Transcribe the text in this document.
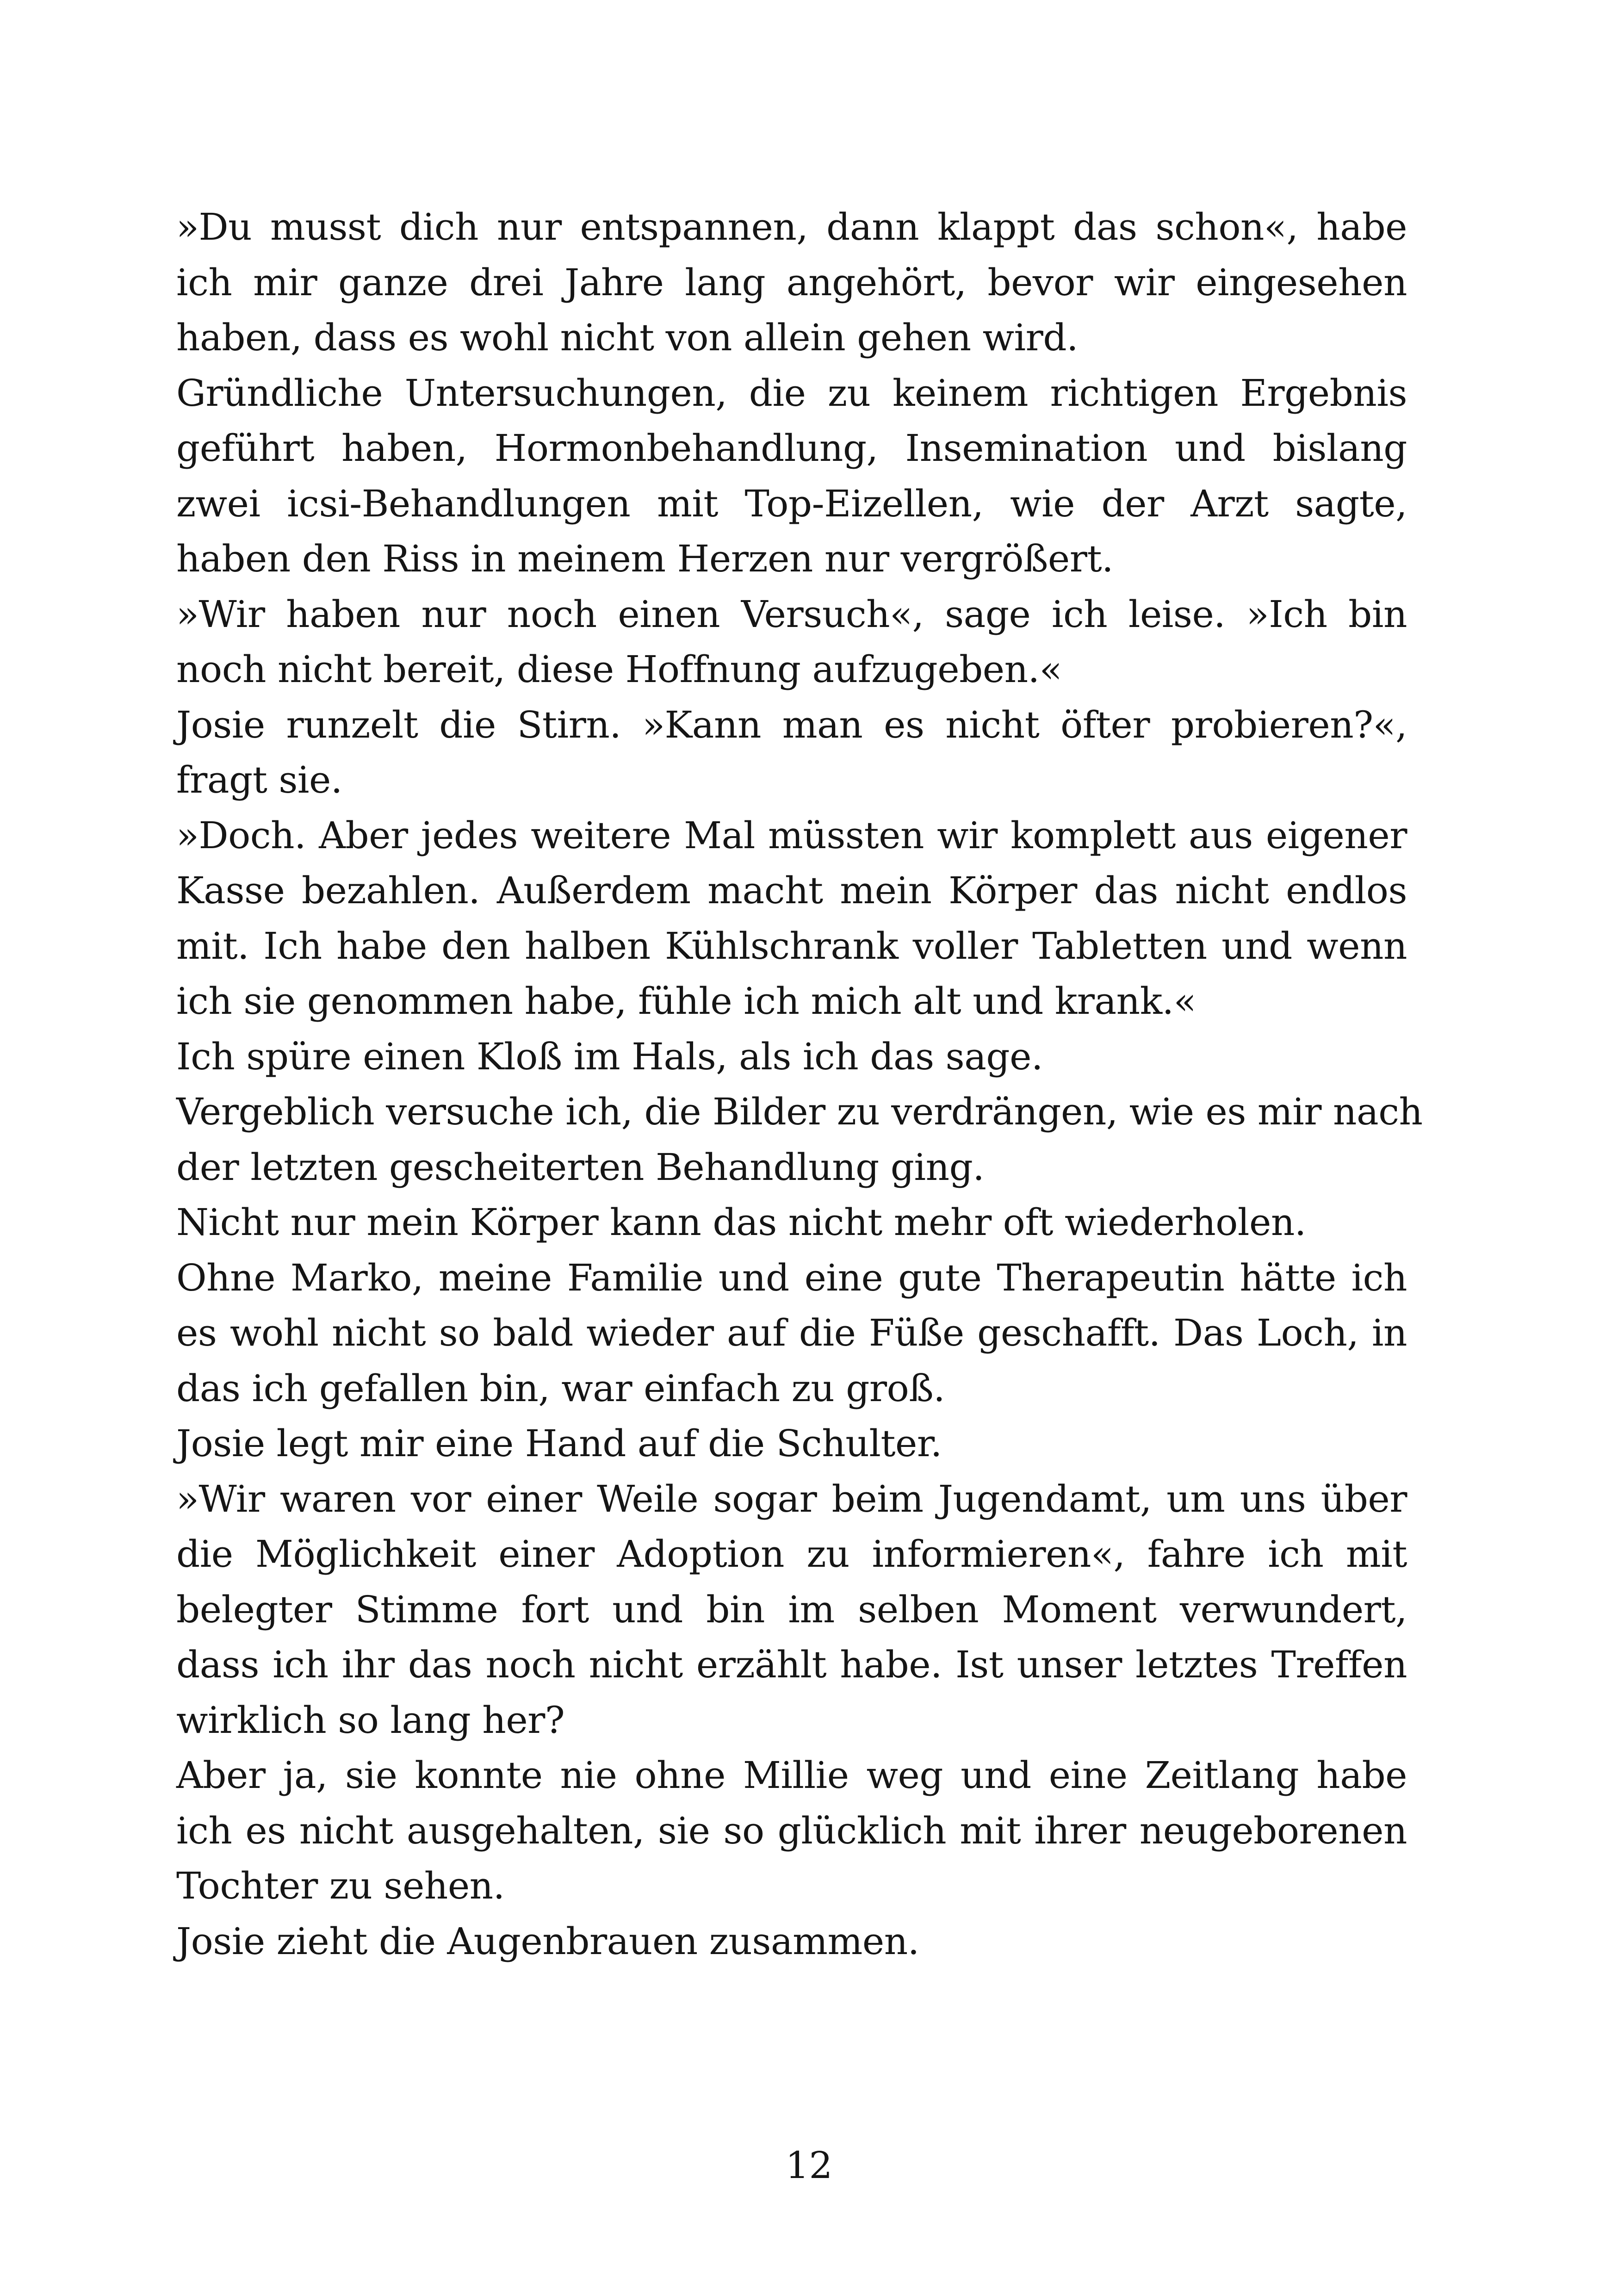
»Du musst dich nur entspannen, dann klappt das schon«, habe
ich mir ganze drei Jahre lang angehört, bevor wir eingesehen
haben, dass es wohl nicht von allein gehen wird.
Gründliche Untersuchungen, die zu keinem richtigen Ergebnis
geführt haben, Hormonbehandlung, Insemination und bislang
zwei icsi-Behandlungen mit Top-Eizellen, wie der Arzt sagte,
haben den Riss in meinem Herzen nur vergrößert.
»Wir haben nur noch einen Versuch«, sage ich leise. »Ich bin
noch nicht bereit, diese Hoffnung aufzugeben.«
Josie runzelt die Stirn. »Kann man es nicht öfter probieren?«,
fragt sie.
»Doch. Aber jedes weitere Mal müssten wir komplett aus eigener
Kasse bezahlen. Außerdem macht mein Körper das nicht endlos
mit. Ich habe den halben Kühlschrank voller Tabletten und wenn
ich sie genommen habe, fühle ich mich alt und krank.«
Ich spüre einen Kloß im Hals, als ich das sage.
Vergeblich versuche ich, die Bilder zu verdrängen, wie es mir nach
der letzten gescheiterten Behandlung ging.
Nicht nur mein Körper kann das nicht mehr oft wiederholen.
Ohne Marko, meine Familie und eine gute Therapeutin hätte ich
es wohl nicht so bald wieder auf die Füße geschafft. Das Loch, in
das ich gefallen bin, war einfach zu groß.
Josie legt mir eine Hand auf die Schulter.
»Wir waren vor einer Weile sogar beim Jugendamt, um uns über
die Möglichkeit einer Adoption zu informieren«, fahre ich mit
belegter Stimme fort und bin im selben Moment verwundert,
dass ich ihr das noch nicht erzählt habe. Ist unser letztes Treffen
wirklich so lang her?
Aber ja, sie konnte nie ohne Millie weg und eine Zeitlang habe
ich es nicht ausgehalten, sie so glücklich mit ihrer neugeborenen
Tochter zu sehen.
Josie zieht die Augenbrauen zusammen.
12
